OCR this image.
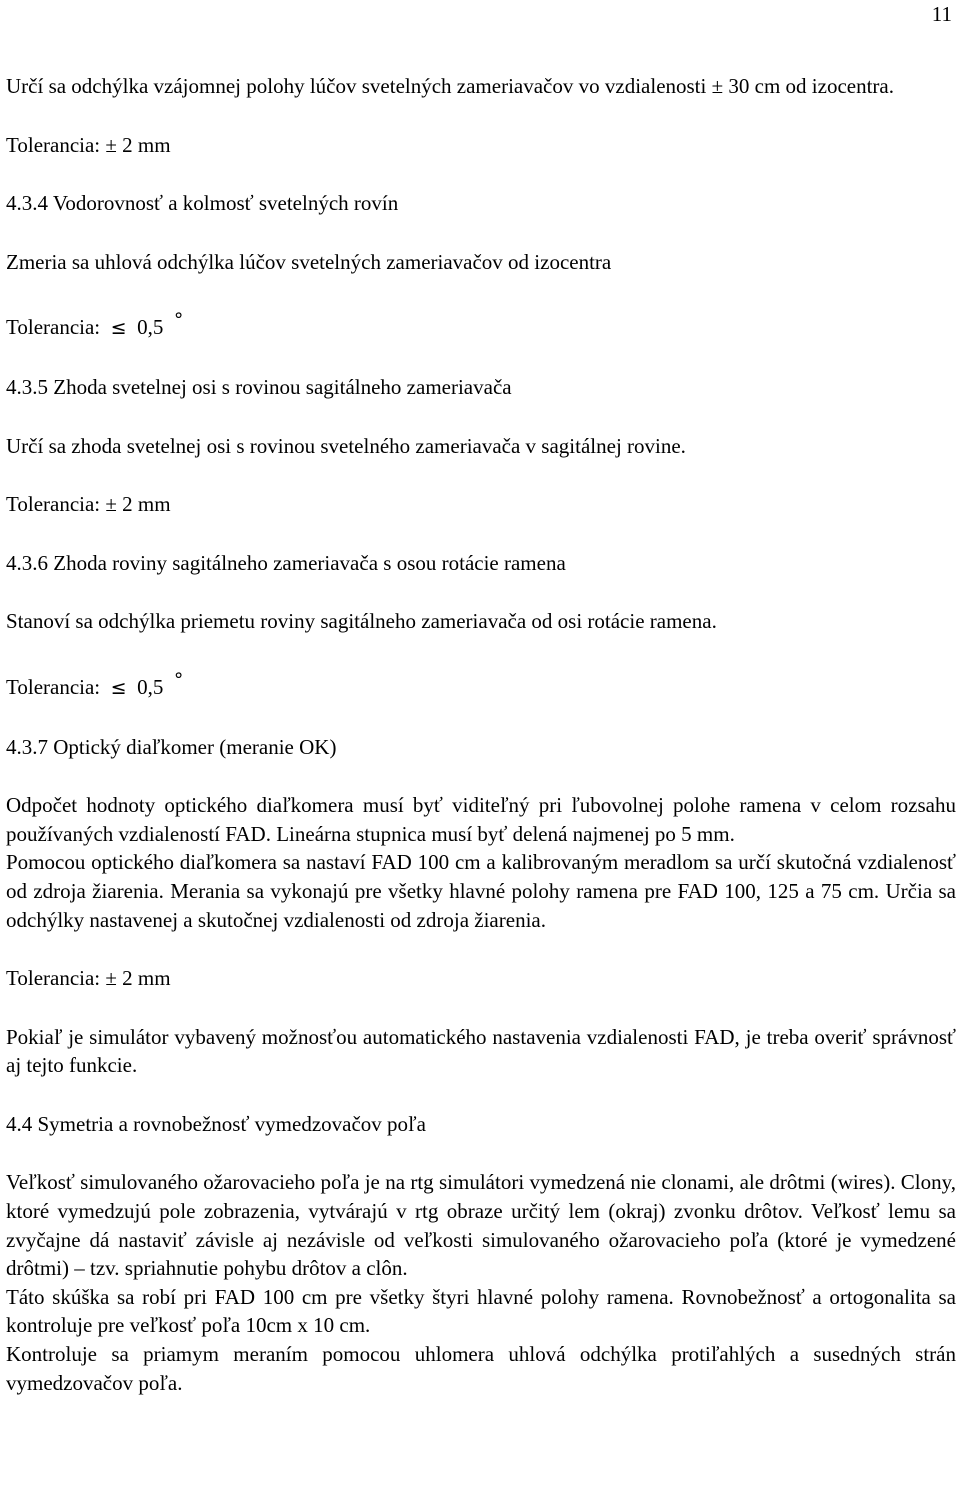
11

Určí sa odchýlka vzájomnej polohy lúčov svetelných zameriavačov vo vzdialenosti ± 30 cm od izocentra.

Tolerancia: ± 2 mm

4.3.4 Vodorovnosť a kolmosť svetelných rovín

Zmeria sa uhlová odchýlka lúčov svetelných zameriavačov od izocentra

Tolerancia: ≤ 0,5 °

4.3.5 Zhoda svetelnej osi s rovinou sagitálneho zameriavača

Určí sa zhoda svetelnej osi s rovinou svetelného zameriavača v sagitálnej rovine.

Tolerancia: ± 2 mm

4.3.6 Zhoda roviny sagitálneho zameriavača s osou rotácie ramena

Stanoví sa odchýlka priemetu roviny sagitálneho zameriavača od osi rotácie ramena.

Tolerancia: ≤ 0,5 °

4.3.7 Optický diaľkomer (meranie OK)

Odpočet hodnoty optického diaľkomera musí byť viditeľný pri ľubovolnej polohe ramena v celom rozsahu používaných vzdialeností FAD. Lineárna stupnica musí byť delená najmenej po 5 mm.

Pomocou optického diaľkomera sa nastaví FAD 100 cm a kalibrovaným meradlom sa určí skutočná vzdialenosť od zdroja žiarenia. Merania sa vykonajú pre všetky hlavné polohy ramena pre FAD 100, 125 a 75 cm. Určia sa odchýlky nastavenej a skutočnej vzdialenosti od zdroja žiarenia.

Tolerancia: ± 2 mm

Pokiaľ je simulátor vybavený možnosťou automatického nastavenia vzdialenosti FAD, je treba overiť správnosť aj tejto funkcie.

4.4 Symetria a rovnobežnosť vymedzovačov poľa

Veľkosť simulovaného ožarovacieho poľa je na rtg simulátori vymedzená nie clonami, ale drôtmi (wires). Clony, ktoré vymedzujú pole zobrazenia, vytvárajú v rtg obraze určitý lem (okraj) zvonku drôtov. Veľkosť lemu sa zvyčajne dá nastaviť závisle aj nezávisle od veľkosti simulovaného ožarovacieho poľa (ktoré je vymedzené drôtmi) – tzv. spriahnutie pohybu drôtov a clôn.

Táto skúška sa robí pri FAD 100 cm pre všetky štyri hlavné polohy ramena. Rovnobežnosť a ortogonalita sa kontroluje pre veľkosť poľa 10cm x 10 cm.

Kontroluje sa priamym meraním pomocou uhlomera uhlová odchýlka protiľahlých a susedných strán vymedzovačov poľa.
